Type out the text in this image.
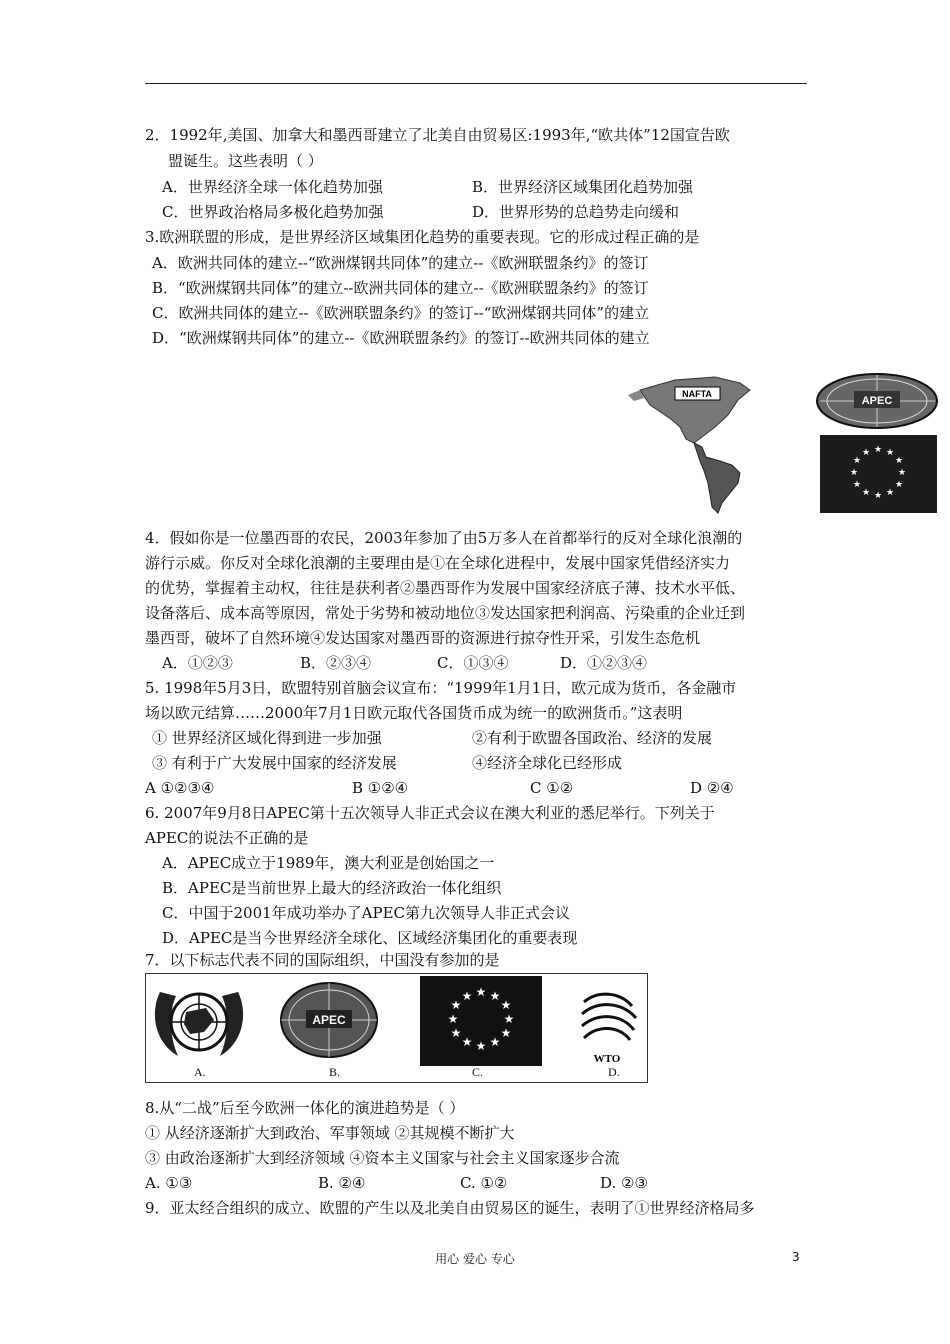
2．1992年,美国、加拿大和墨西哥建立了北美自由贸易区:1993年,“欧共体”12国宣告欧
盟诞生。这些表明（ ）
A．世界经济全球一体化趋势加强	B．世界经济区域集团化趋势加强
C．世界政治格局多极化趋势加强	D．世界形势的总趋势走向缓和
3.欧洲联盟的形成，是世界经济区域集团化趋势的重要表现。它的形成过程正确的是
A．欧洲共同体的建立--“欧洲煤钢共同体”的建立--《欧洲联盟条约》的签订
B．“欧洲煤钢共同体”的建立--欧洲共同体的建立--《欧洲联盟条约》的签订
C．欧洲共同体的建立--《欧洲联盟条约》的签订--“欧洲煤钢共同体”的建立
D．“欧洲煤钢共同体”的建立--《欧洲联盟条约》的签订--欧洲共同体的建立
NAFTA
APEC
★ ★
★
★
★
★
★
★
★
★
★
★
4．假如你是一位墨西哥的农民，2003年参加了由5万多人在首都举行的反对全球化浪潮的
游行示威。你反对全球化浪潮的主要理由是①在全球化进程中，发展中国家凭借经济实力
的优势，掌握着主动权，往往是获利者②墨西哥作为发展中国家经济底子薄、技术水平低、
设备落后、成本高等原因，常处于劣势和被动地位③发达国家把利润高、污染重的企业迁到
墨西哥，破坏了自然环境④发达国家对墨西哥的资源进行掠夺性开采，引发生态危机
A．①②③	B．②③④	C．①③④	D．①②③④
5. 1998年5月3日，欧盟特别首脑会议宣布：“1999年1月1日，欧元成为货币，各金融市
场以欧元结算……2000年7月1日欧元取代各国货币成为统一的欧洲货币。”这表明
① 世界经济区域化得到进一步加强	②有利于欧盟各国政治、经济的发展
③ 有利于广大发展中国家的经济发展	④经济全球化已经形成
A ①②③④	B ①②④	C ①②	D ②④
6. 2007年9月8日APEC第十五次领导人非正式会议在澳大利亚的悉尼举行。下列关于
APEC的说法不正确的是
A．APEC成立于1989年，澳大利亚是创始国之一
B．APEC是当前世界上最大的经济政治一体化组织
C．中国于2001年成功举办了APEC第九次领导人非正式会议
D．APEC是当今世界经济全球化、区域经济集团化的重要表现
7．以下标志代表不同的国际组织，中国没有参加的是
APEC
★ ★
★
★
★
★
★
★
★
★
★
★
WTO
A.	B.	C.	D.
8.从“二战”后至今欧洲一体化的演进趋势是（ ）
① 从经济逐渐扩大到政治、军事领域 ②其规模不断扩大
③ 由政治逐渐扩大到经济领域 ④资本主义国家与社会主义国家逐步合流
A. ①③	B. ②④	C. ①②	D. ②③
9．亚太经合组织的成立、欧盟的产生以及北美自由贸易区的诞生，表明了①世界经济格局多
用心 爱心 专心	3
